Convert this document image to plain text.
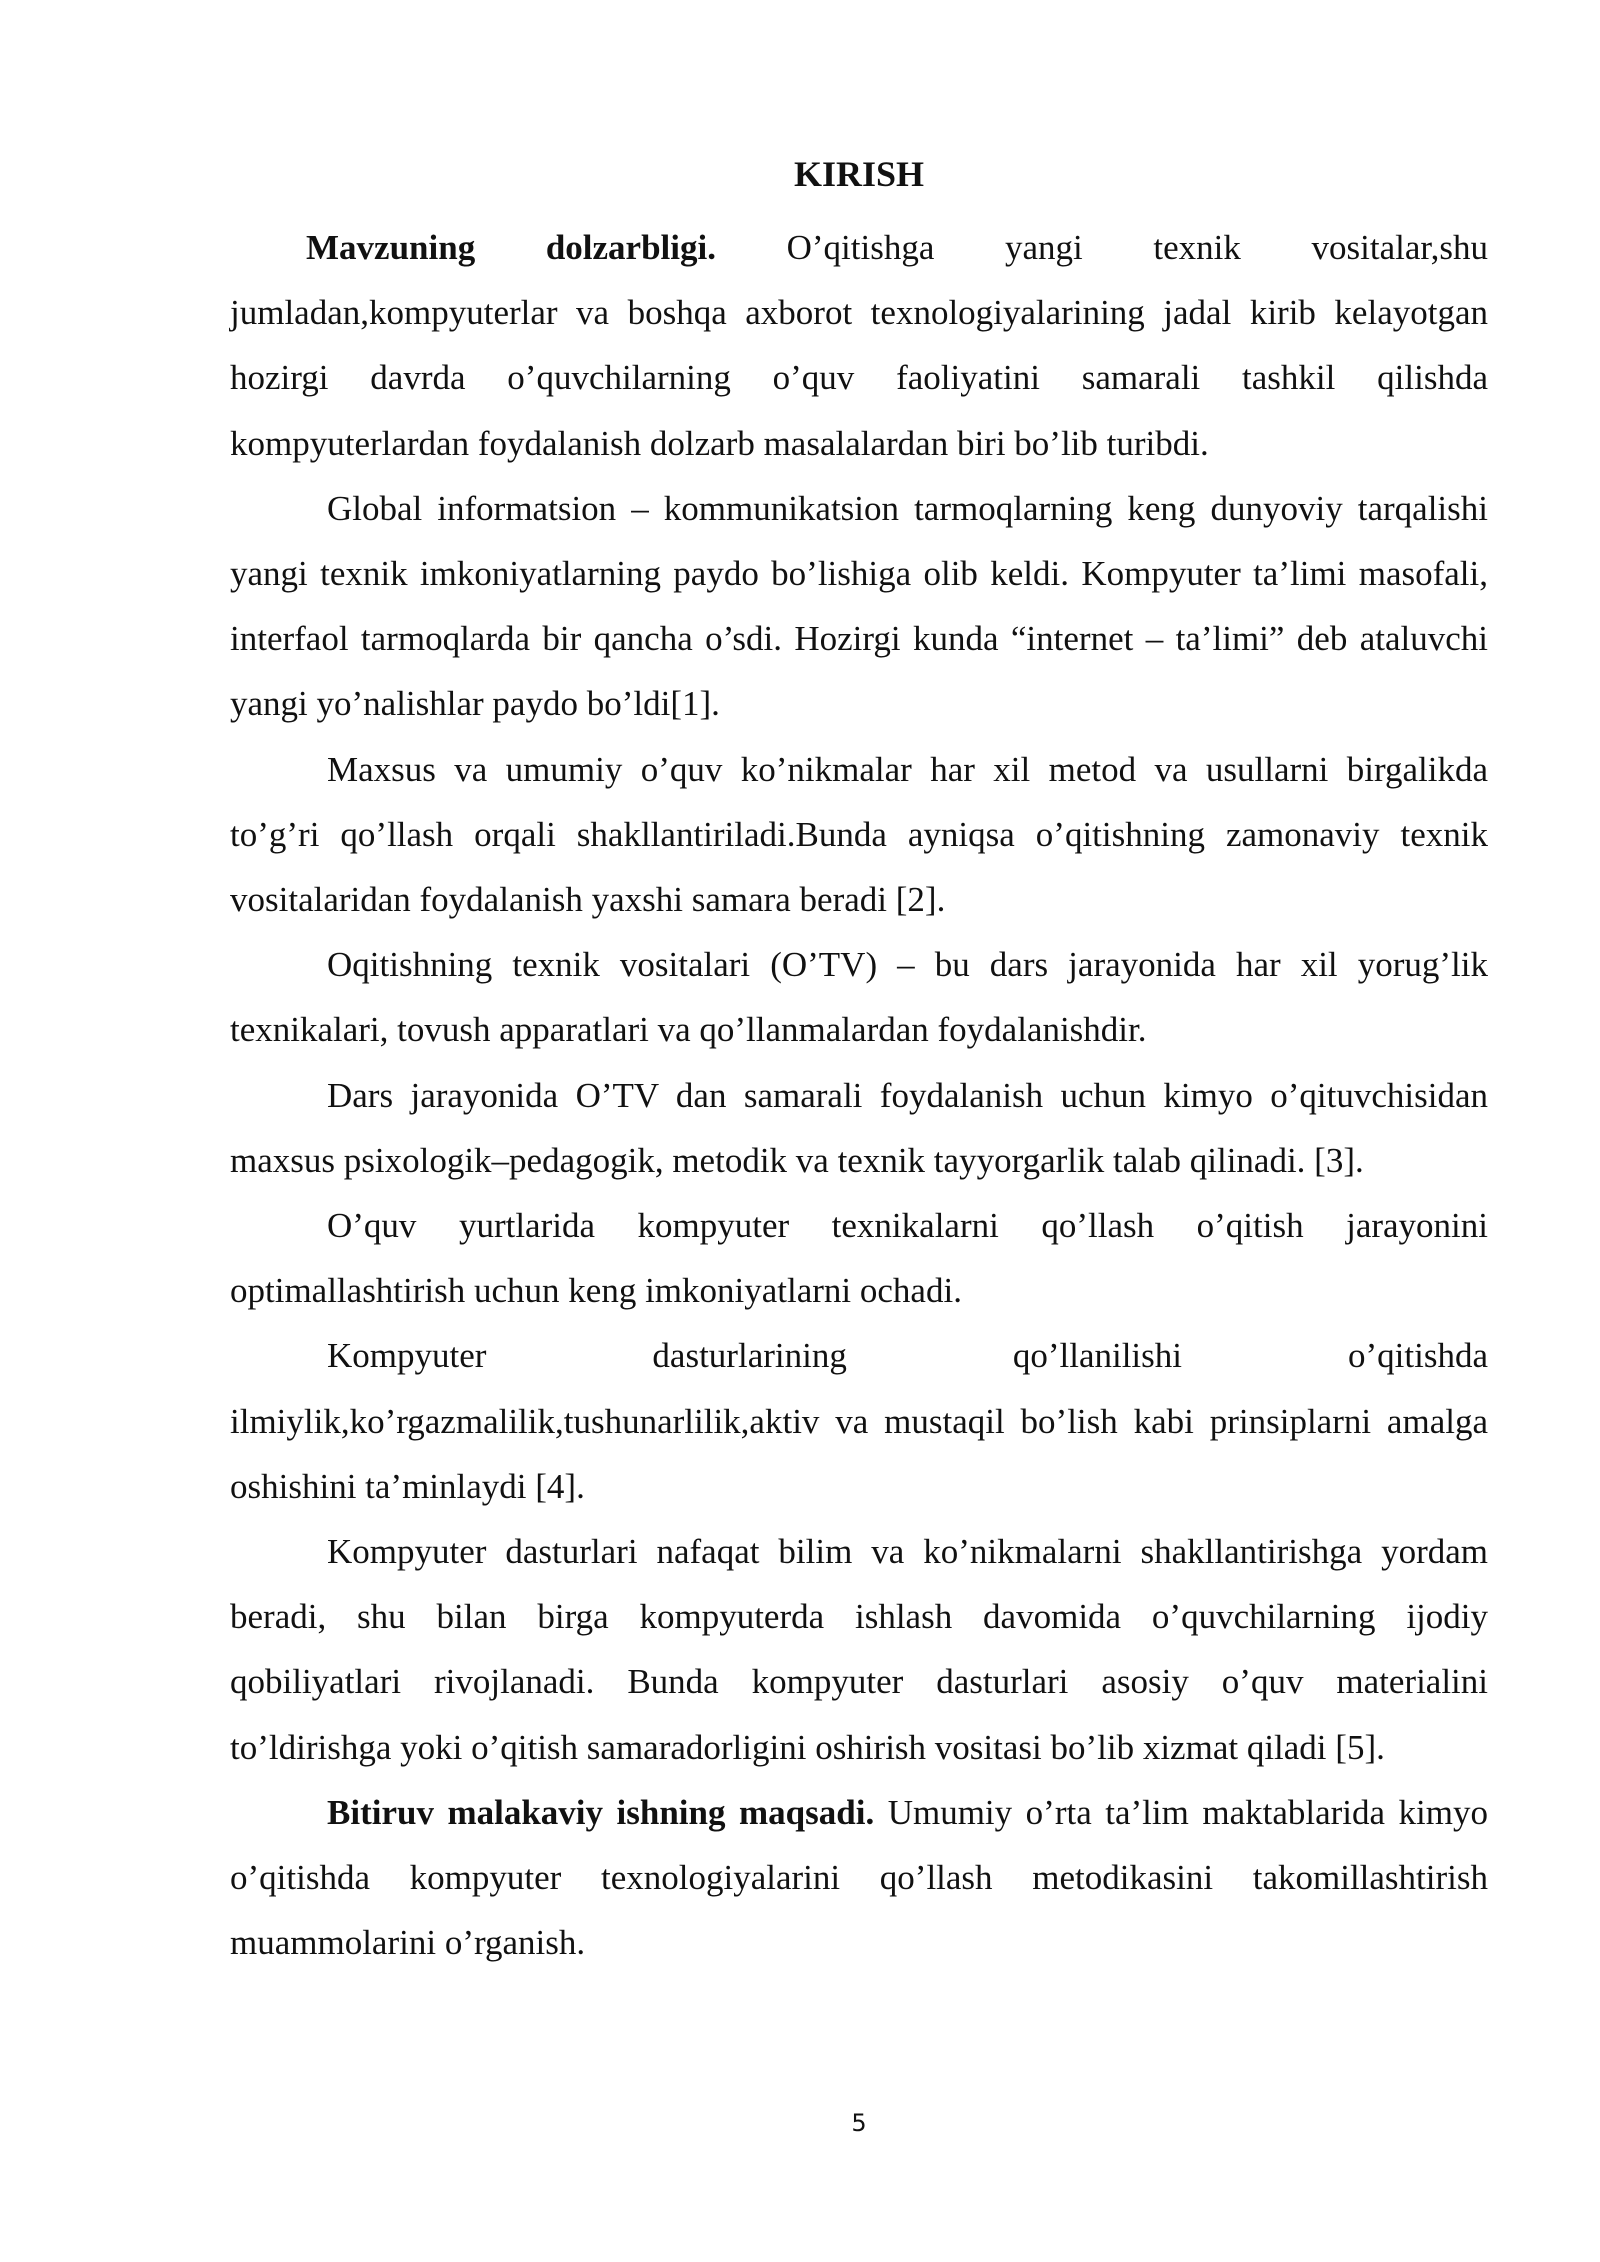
KIRISH

Mavzuning dolzarbligi. O’qitishga yangi texnik vositalar,shu jumladan,kompyuterlar va boshqa axborot texnologiyalarining jadal kirib kelayotgan hozirgi davrda o’quvchilarning o’quv faoliyatini samarali tashkil qilishda kompyuterlardan foydalanish dolzarb masalalardan biri bo’lib turibdi.

Global informatsion – kommunikatsion tarmoqlarning keng dunyoviy tarqalishi yangi texnik imkoniyatlarning paydo bo’lishiga olib keldi. Kompyuter ta’limi masofali, interfaol tarmoqlarda bir qancha o’sdi. Hozirgi kunda “internet – ta’limi” deb ataluvchi yangi yo’nalishlar paydo bo’ldi[1].

Maxsus va umumiy o’quv ko’nikmalar har xil metod va usullarni birgalikda to’g’ri qo’llash orqali shakllantiriladi.Bunda ayniqsa o’qitishning zamonaviy texnik vositalaridan foydalanish yaxshi samara beradi [2].

Oqitishning texnik vositalari (O’TV) – bu dars jarayonida har xil yorug’lik texnikalari, tovush apparatlari va qo’llanmalardan foydalanishdir.

Dars jarayonida O’TV dan samarali foydalanish uchun kimyo o’qituvchisidan maxsus psixologik–pedagogik, metodik va texnik tayyorgarlik talab qilinadi. [3].

O’quv yurtlarida kompyuter texnikalarni qo’llash o’qitish jarayonini optimallashtirish uchun keng imkoniyatlarni ochadi.

Kompyuter dasturlarining qo’llanilishi o’qitishda ilmiylik,ko’rgazmalilik,tushunarlilik,aktiv va mustaqil bo’lish kabi prinsiplarni amalga oshishini ta’minlaydi [4].

Kompyuter dasturlari nafaqat bilim va ko’nikmalarni shakllantirishga yordam beradi, shu bilan birga kompyuterda ishlash davomida o’quvchilarning ijodiy qobiliyatlari rivojlanadi. Bunda kompyuter dasturlari asosiy o’quv materialini to’ldirishga yoki o’qitish samaradorligini oshirish vositasi bo’lib xizmat qiladi [5].

Bitiruv malakaviy ishning maqsadi. Umumiy o’rta ta’lim maktablarida kimyo o’qitishda kompyuter texnologiyalarini qo’llash metodikasini takomillashtirish muammolarini o’rganish.

5
